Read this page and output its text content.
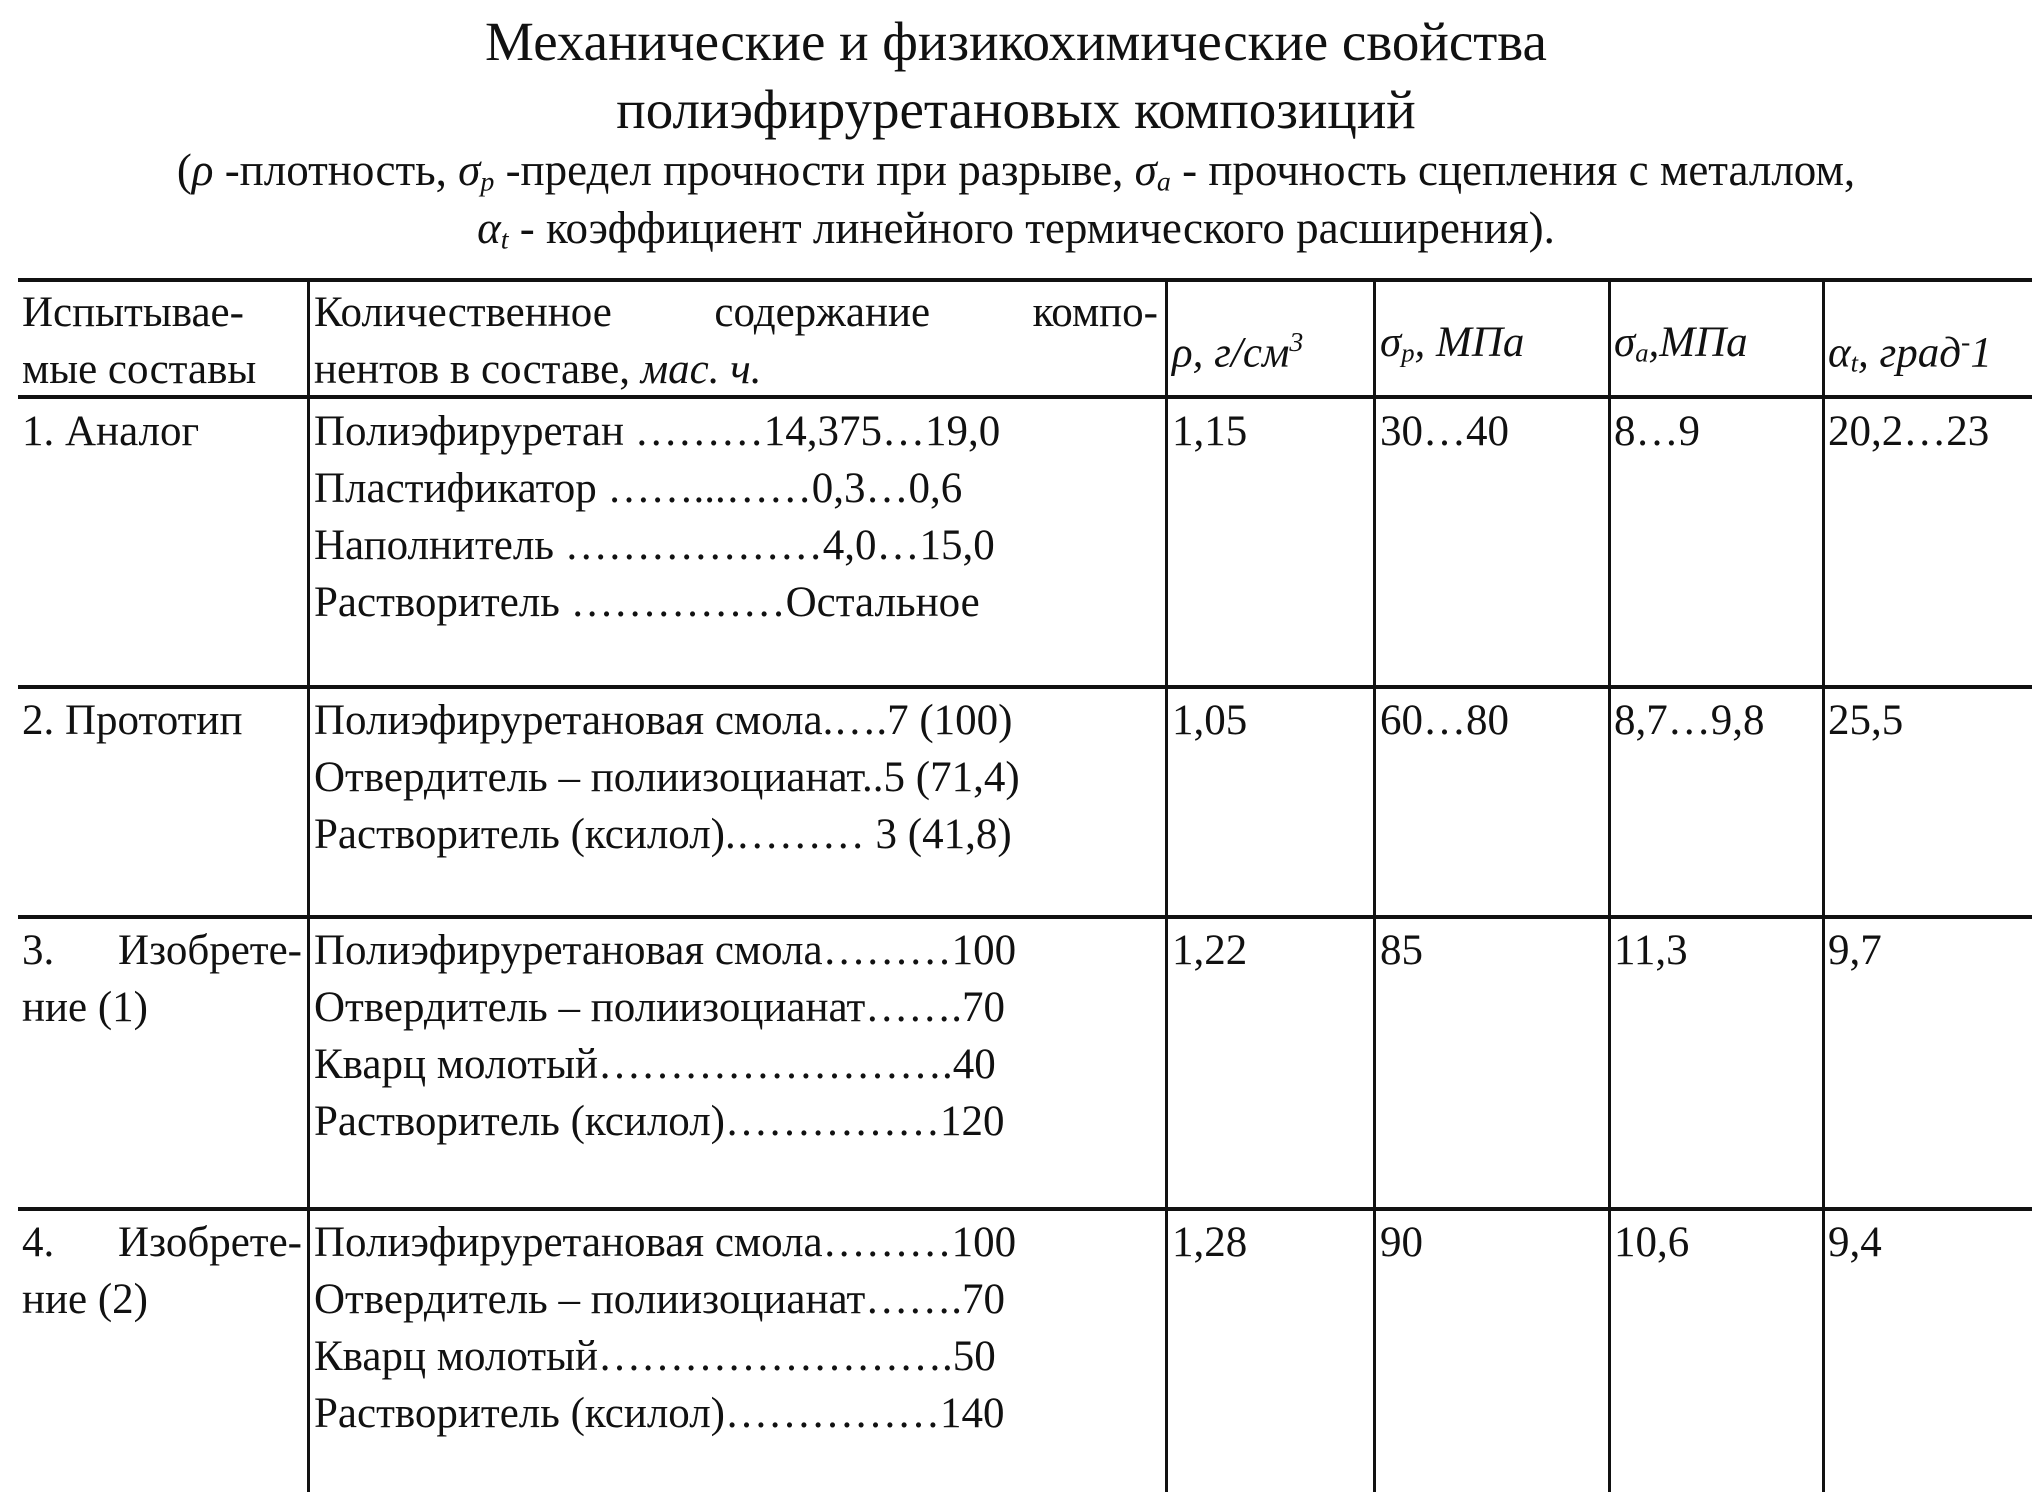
Механические и физикохимические свойства
полиэфируретановых композиций
(ρ -плотность, σp -предел прочности при разрыве, σa - прочность сцепления с металлом,
αt - коэффициент линейного термического расширения).
Испытывае-
мые составы
Количественное содержание компо-
нентов в составе, мас. ч.	ρ, г/см3 σp, МПа σa,МПа αt, град-1
1. Аналог	Полиэфируретан ………14,375…19,0
Пластификатор ……...……0,3…0,6
Наполнитель ………………4,0…15,0
Растворитель ……………Остальное
1,15	30…40 8…9	20,2…23
2. Прототип Полиэфируретановая смола.….7 (100)
Отвердитель – полиизоцианат..5 (71,4)
Растворитель (ксилол).……… 3 (41,8)
1,05	60…80 8,7…9,8 25,5
3. Изобрете-
ние (1)
Полиэфируретановая смола………100
Отвердитель – полиизоцианат…….70
Кварц молотый…………………….40
Растворитель (ксилол)……………120
1,22	85	11,3	9,7
4. Изобрете-
ние (2)
Полиэфируретановая смола………100
Отвердитель – полиизоцианат…….70
Кварц молотый…………………….50
Растворитель (ксилол)……………140
1,28	90	10,6	9,4
